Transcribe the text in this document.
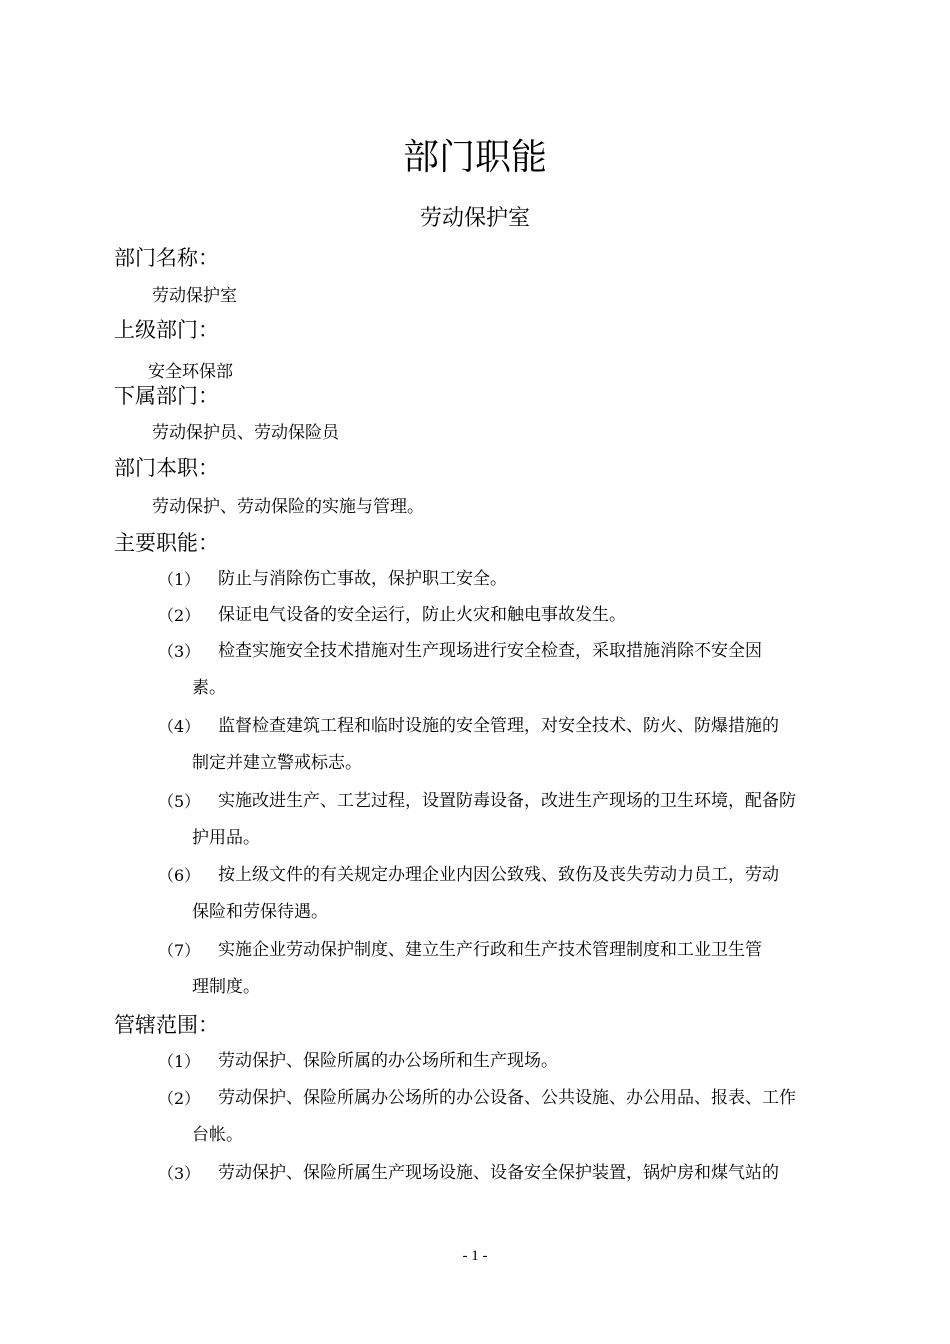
部门职能
劳动保护室
部门名称：
劳动保护室
上级部门：
安全环保部
下属部门：
劳动保护员、劳动保险员
部门本职：
劳动保护、劳动保险的实施与管理。
主要职能：
（1） 防止与消除伤亡事故，保护职工安全。
（2） 保证电气设备的安全运行，防止火灾和触电事故发生。
（3） 检查实施安全技术措施对生产现场进行安全检查，采取措施消除不安全因
素。
（4） 监督检查建筑工程和临时设施的安全管理，对安全技术、防火、防爆措施的
制定并建立警戒标志。
（5） 实施改进生产、工艺过程，设置防毒设备，改进生产现场的卫生环境，配备防
护用品。
（6） 按上级文件的有关规定办理企业内因公致残、致伤及丧失劳动力员工，劳动
保险和劳保待遇。
（7） 实施企业劳动保护制度、建立生产行政和生产技术管理制度和工业卫生管
理制度。
管辖范围：
（1） 劳动保护、保险所属的办公场所和生产现场。
（2） 劳动保护、保险所属办公场所的办公设备、公共设施、办公用品、报表、工作
台帐。
（3） 劳动保护、保险所属生产现场设施、设备安全保护装置，锅炉房和煤气站的
- 1 -
